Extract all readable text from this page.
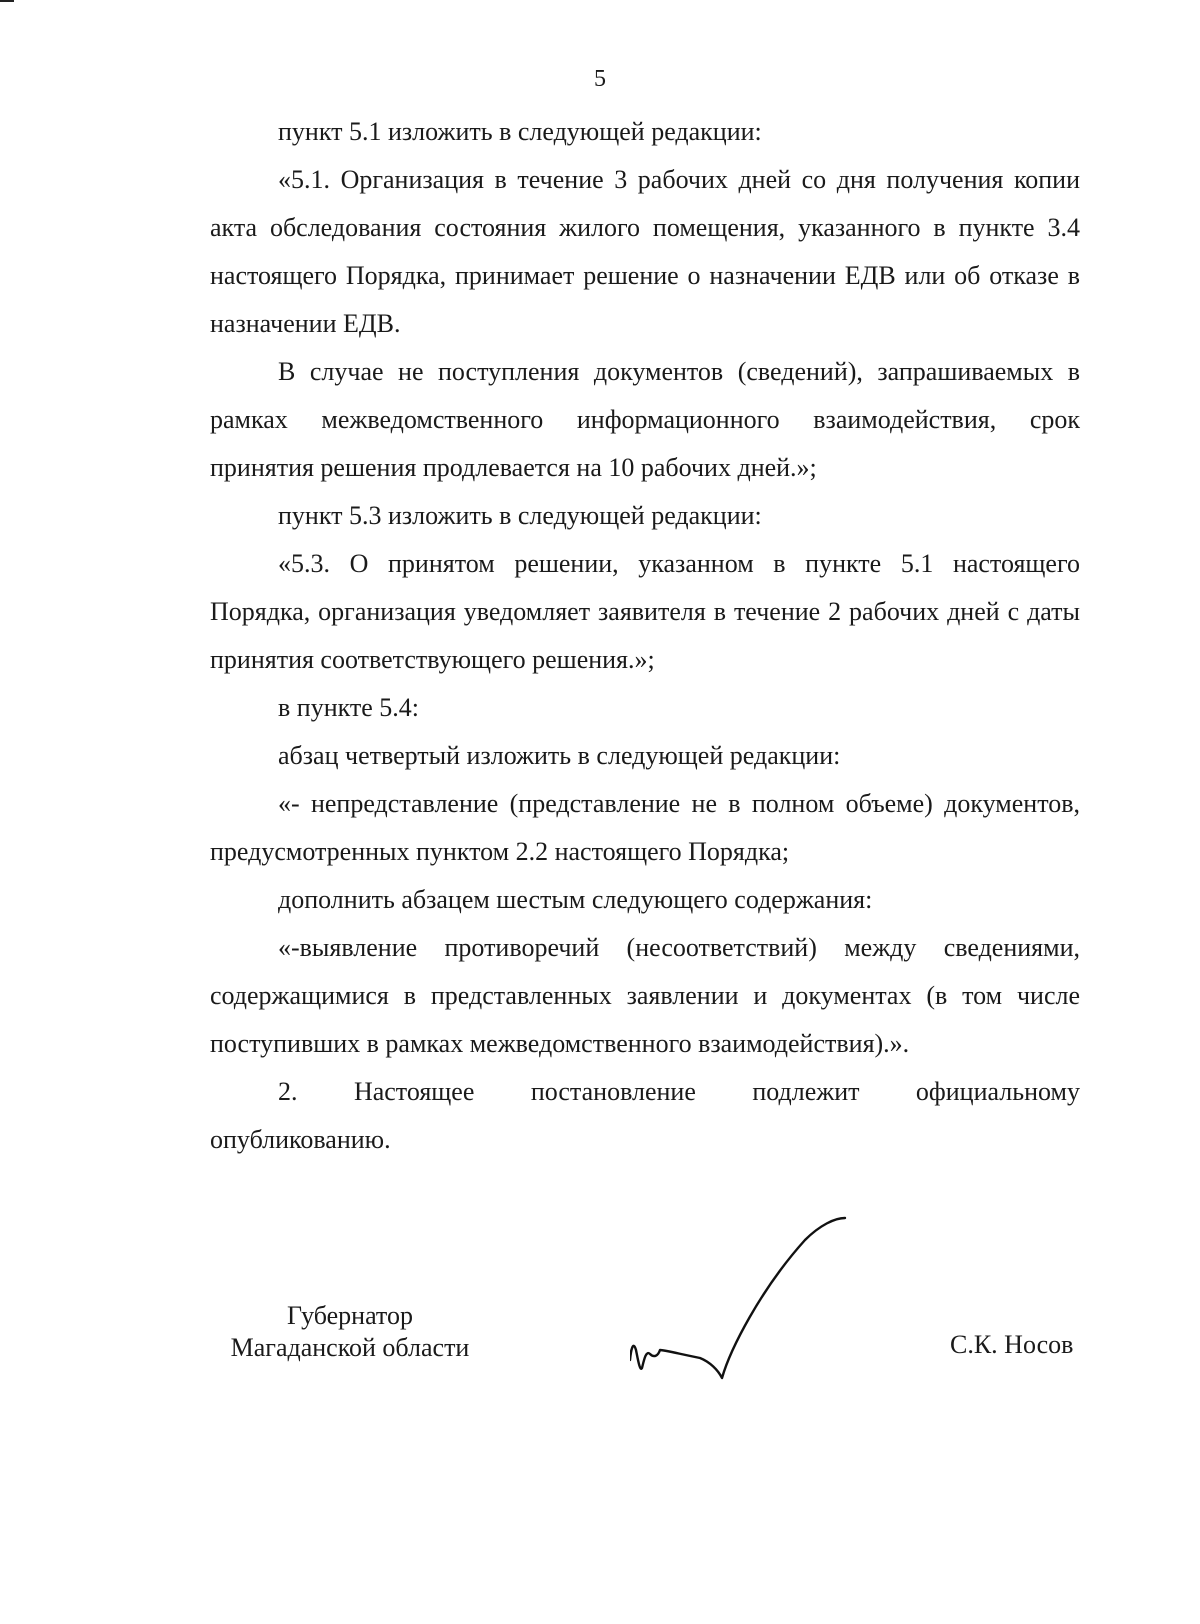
5

пункт 5.1 изложить в следующей редакции:

«5.1. Организация в течение 3 рабочих дней со дня получения копии акта обследования состояния жилого помещения, указанного в пункте 3.4 настоящего Порядка, принимает решение о назначении ЕДВ или об отказе в назначении ЕДВ.

В случае не поступления документов (сведений), запрашиваемых в рамках межведомственного информационного взаимодействия, срок принятия решения продлевается на 10 рабочих дней.»;

пункт 5.3 изложить в следующей редакции:

«5.3. О принятом решении, указанном в пункте 5.1 настоящего Порядка, организация уведомляет заявителя в течение 2 рабочих дней с даты принятия соответствующего решения.»;

в пункте 5.4:

абзац четвертый изложить в следующей редакции:

«- непредставление (представление не в полном объеме) документов, предусмотренных пунктом 2.2 настоящего Порядка;

дополнить абзацем шестым следующего содержания:

«-выявление противоречий (несоответствий) между сведениями, содержащимися в представленных заявлении и документах (в том числе поступивших в рамках межведомственного взаимодействия).».

2. Настоящее постановление подлежит официальному
опубликованию.
Губернатор
Магаданской области	С.К. Носов
